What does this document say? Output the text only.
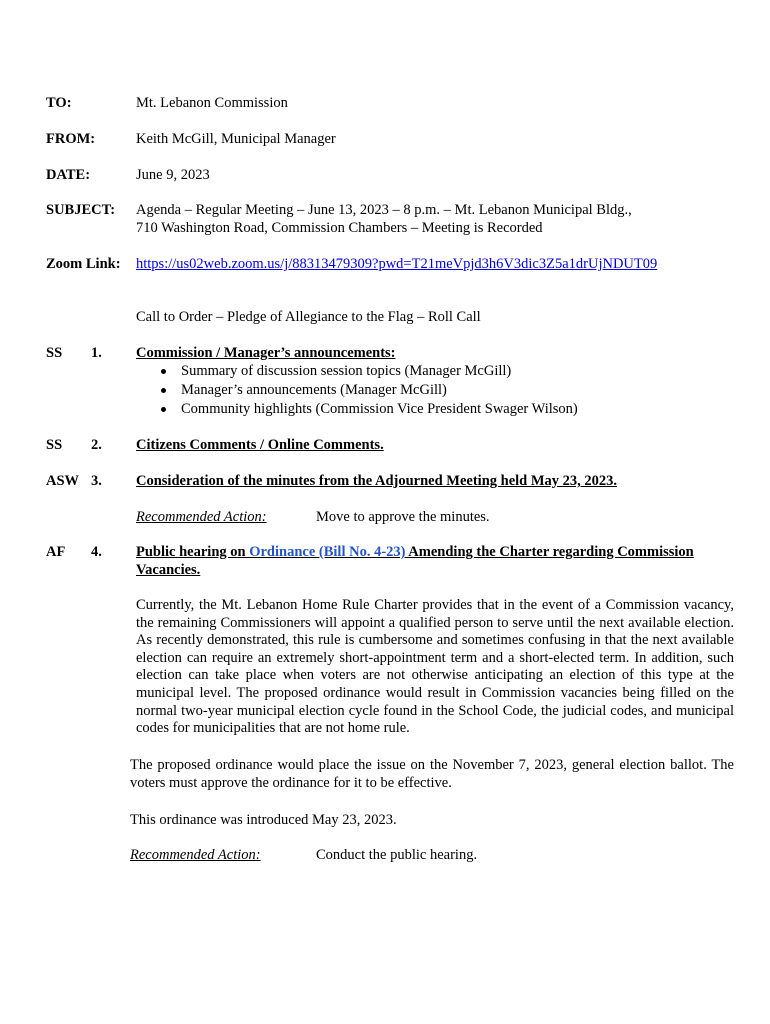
TO:	Mt. Lebanon Commission
FROM:	Keith McGill, Municipal Manager
DATE:	June 9, 2023
SUBJECT: Agenda – Regular Meeting – June 13, 2023 – 8 p.m. – Mt. Lebanon Municipal Bldg.,
710 Washington Road, Commission Chambers – Meeting is Recorded
Zoom Link: https://us02web.zoom.us/j/88313479309?pwd=T21meVpjd3h6V3dic3Z5a1drUjNDUT09
Call to Order – Pledge of Allegiance to the Flag – Roll Call
SS 1. Commission / Manager’s announcements:
Summary of discussion session topics (Manager McGill)
Manager’s announcements (Manager McGill)
Community highlights (Commission Vice President Swager Wilson)
SS 2. Citizens Comments / Online Comments.
ASW 3. Consideration of the minutes from the Adjourned Meeting held May 23, 2023.
Recommended Action:	Move to approve the minutes.
AF 4. Public hearing on Ordinance (Bill No. 4-23) Amending the Charter regarding Commission
Vacancies.
Currently, the Mt. Lebanon Home Rule Charter provides that in the event of a Commission vacancy, the remaining Commissioners will appoint a qualified person to serve until the next available election. As recently demonstrated, this rule is cumbersome and sometimes confusing in that the next available election can require an extremely short-appointment term and a short-elected term. In addition, such election can take place when voters are not otherwise anticipating an election of this type at the municipal level. The proposed ordinance would result in Commission vacancies being filled on the normal two-year municipal election cycle found in the School Code, the judicial codes, and municipal codes for municipalities that are not home rule.
The proposed ordinance would place the issue on the November 7, 2023, general election ballot. The voters must approve the ordinance for it to be effective.
This ordinance was introduced May 23, 2023.
Recommended Action:	Conduct the public hearing.
